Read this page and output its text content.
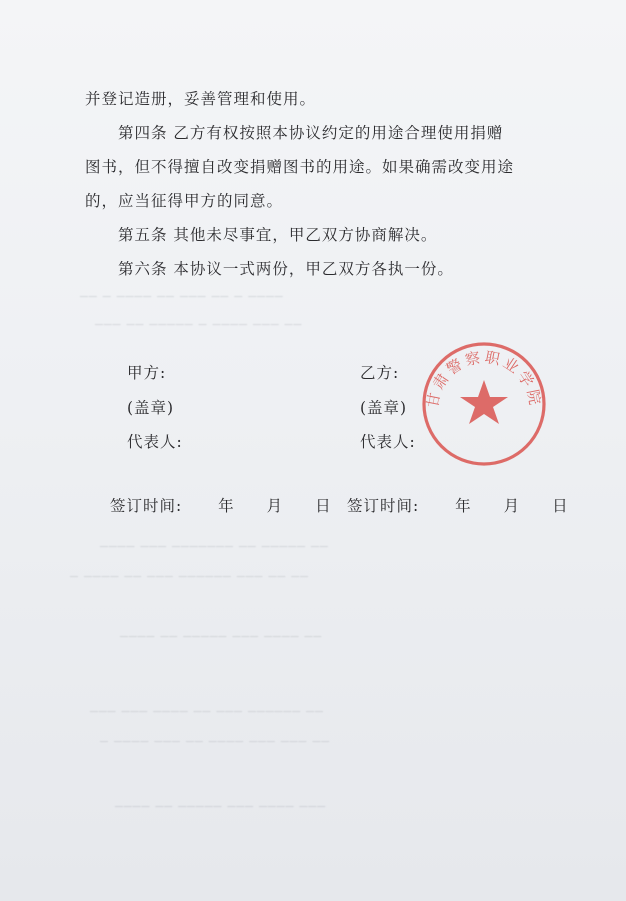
── ─ ──── ── ─── ── ─ ────
─── ── ───── ─ ──── ─── ──
──── ─── ─────── ── ───── ──
─ ──── ── ─── ────── ─── ── ──
──── ── ───── ─── ──── ──
─── ─── ──── ── ─── ────── ──
─ ──── ─── ── ──── ─── ─── ──
──── ── ───── ─── ──── ───
并登记造册，妥善管理和使用。
第四条 乙方有权按照本协议约定的用途合理使用捐赠
图书，但不得擅自改变捐赠图书的用途。如果确需改变用途
的，应当征得甲方的同意。
第五条 其他未尽事宜，甲乙双方协商解决。
第六条 本协议一式两份，甲乙双方各执一份。
甲方:
(盖章)
代表人:
乙方:
(盖章)
代表人:
签订时间: 年 月 日 签订时间: 年 月 日
甘肃警察职业学院
